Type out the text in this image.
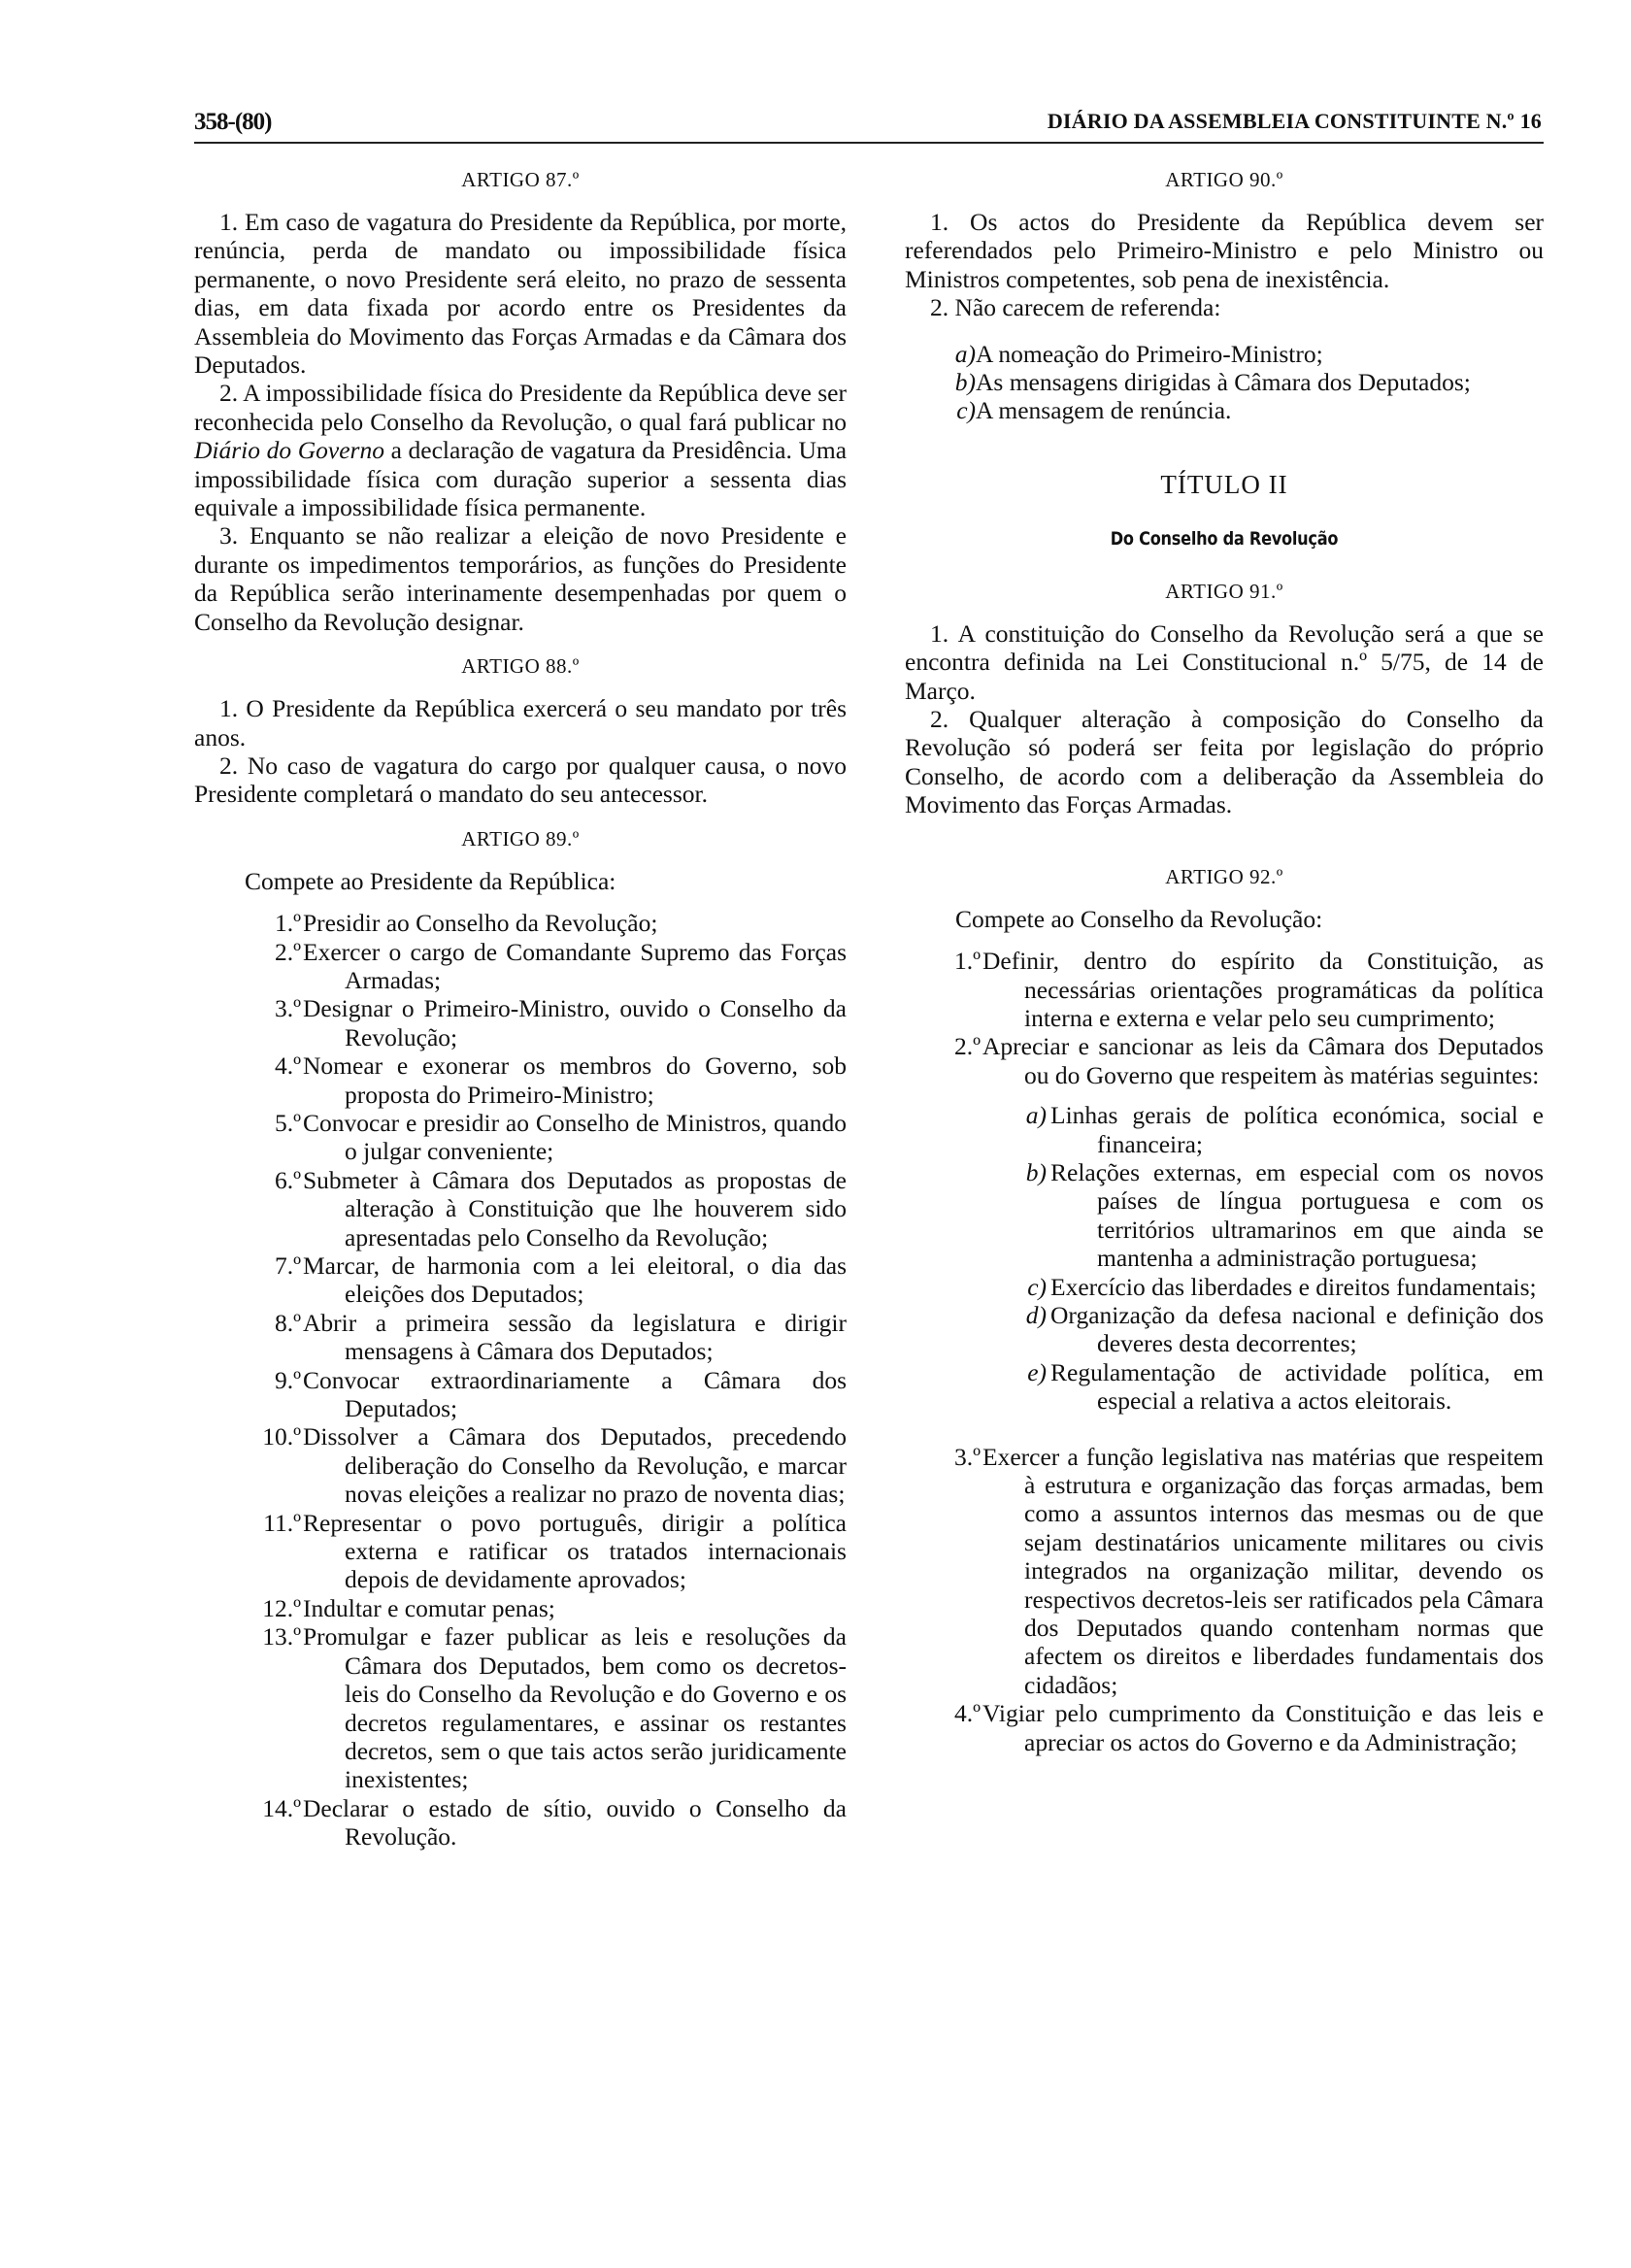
358-(80)	DIÁRIO DA ASSEMBLEIA CONSTITUINTE N.º 16
ARTIGO 87.º

1. Em caso de vagatura do Presidente da República, por morte, renúncia, perda de mandato ou impossibilidade física permanente, o novo Presidente será eleito, no prazo de sessenta dias, em data fixada por acordo entre os Presidentes da Assembleia do Movimento das Forças Armadas e da Câmara dos Deputados.

2. A impossibilidade física do Presidente da República deve ser reconhecida pelo Conselho da Revolução, o qual fará publicar no Diário do Governo a declaração de vagatura da Presidência. Uma impossibilidade física com duração superior a sessenta dias equivale a impossibilidade física permanente.

3. Enquanto se não realizar a eleição de novo Presidente e durante os impedimentos temporários, as funções do Presidente da República serão interinamente desempenhadas por quem o Conselho da Revolução designar.

ARTIGO 88.º

1. O Presidente da República exercerá o seu mandato por três anos.

2. No caso de vagatura do cargo por qualquer causa, o novo Presidente completará o mandato do seu antecessor.

ARTIGO 89.º

Compete ao Presidente da República:

1.º Presidir ao Conselho da Revolução;

2.º Exercer o cargo de Comandante Supremo das Forças Armadas;

3.º Designar o Primeiro-Ministro, ouvido o Conselho da Revolução;

4.º Nomear e exonerar os membros do Governo, sob proposta do Primeiro-Ministro;

5.º Convocar e presidir ao Conselho de Ministros, quando o julgar conveniente;

6.º Submeter à Câmara dos Deputados as propostas de alteração à Constituição que lhe houverem sido apresentadas pelo Conselho da Revolução;

7.º Marcar, de harmonia com a lei eleitoral, o dia das eleições dos Deputados;

8.º Abrir a primeira sessão da legislatura e dirigir mensagens à Câmara dos Deputados;

9.º Convocar extraordinariamente a Câmara dos Deputados;

10.º Dissolver a Câmara dos Deputados, precedendo deliberação do Conselho da Revolução, e marcar novas eleições a realizar no prazo de noventa dias;

11.º Representar o povo português, dirigir a política externa e ratificar os tratados internacionais depois de devidamente aprovados;

12.º Indultar e comutar penas;

13.º Promulgar e fazer publicar as leis e resoluções da Câmara dos Deputados, bem como os decretos-leis do Conselho da Revolução e do Governo e os decretos regulamentares, e assinar os restantes decretos, sem o que tais actos serão juridicamente inexistentes;

14.º Declarar o estado de sítio, ouvido o Conselho da Revolução.

ARTIGO 90.º

1. Os actos do Presidente da República devem ser referendados pelo Primeiro-Ministro e pelo Ministro ou Ministros competentes, sob pena de inexistência.

2. Não carecem de referenda:

a) A nomeação do Primeiro-Ministro;

b) As mensagens dirigidas à Câmara dos Deputados;

c) A mensagem de renúncia.

TÍTULO II
Do Conselho da Revolução
ARTIGO 91.º

1. A constituição do Conselho da Revolução será a que se encontra definida na Lei Constitucional n.º 5/75, de 14 de Março.

2. Qualquer alteração à composição do Conselho da Revolução só poderá ser feita por legislação do próprio Conselho, de acordo com a deliberação da Assembleia do Movimento das Forças Armadas.

ARTIGO 92.º

Compete ao Conselho da Revolução:

1.º Definir, dentro do espírito da Constituição, as necessárias orientações programáticas da política interna e externa e velar pelo seu cumprimento;

2.º Apreciar e sancionar as leis da Câmara dos Deputados ou do Governo que respeitem às matérias seguintes:

a) Linhas gerais de política económica, social e financeira;

b) Relações externas, em especial com os novos países de língua portuguesa e com os territórios ultramarinos em que ainda se mantenha a administração portuguesa;

c) Exercício das liberdades e direitos fundamentais;

d) Organização da defesa nacional e definição dos deveres desta decorrentes;

e) Regulamentação de actividade política, em especial a relativa a actos eleitorais.

3.º Exercer a função legislativa nas matérias que respeitem à estrutura e organização das forças armadas, bem como a assuntos internos das mesmas ou de que sejam destinatários unicamente militares ou civis integrados na organização militar, devendo os respectivos decretos-leis ser ratificados pela Câmara dos Deputados quando contenham normas que afectem os direitos e liberdades fundamentais dos cidadãos;

4.º Vigiar pelo cumprimento da Constituição e das leis e apreciar os actos do Governo e da Administração;
